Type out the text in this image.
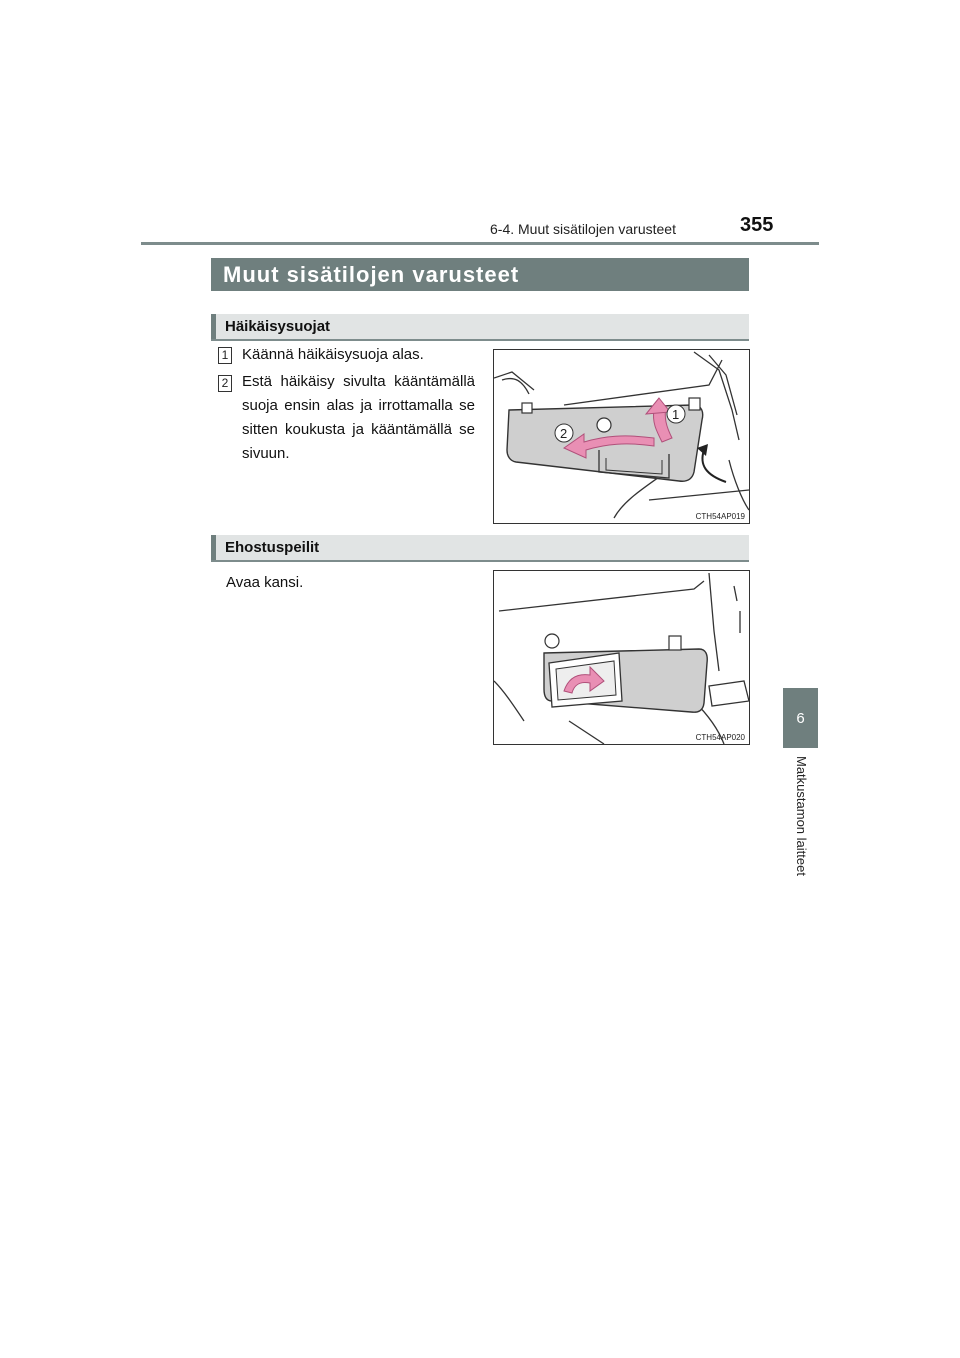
6-4. Muut sisätilojen varusteet	355
6
Matkustamon laitteet
Muut sisätilojen varusteet
Häikäisysuojat
1 Käännä häikäisysuoja alas.
2 Estä häikäisy sivulta kääntämällä suoja ensin alas ja irrottamalla se sitten koukusta ja kääntämällä se sivuun.
1
2
CTH54AP019
Ehostuspeilit
Avaa kansi.
CTH54AP020
